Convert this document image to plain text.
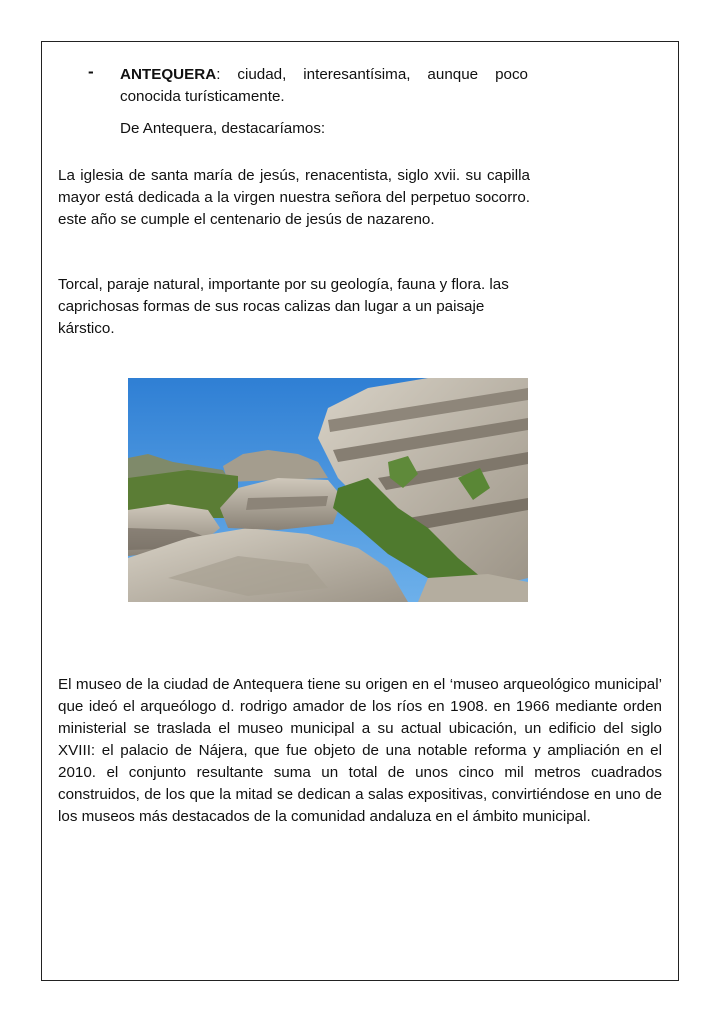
- ANTEQUERA: ciudad, interesantísima, aunque poco conocida turísticamente.

De Antequera, destacaríamos:

La iglesia de santa maría de jesús, renacentista, siglo xvii. su capilla mayor está dedicada a la virgen nuestra señora del perpetuo socorro. este año se cumple el centenario de jesús de nazareno.

Torcal, paraje natural, importante por su geología, fauna y flora. las caprichosas formas de sus rocas calizas dan lugar a un paisaje kárstico.

El museo de la ciudad de Antequera tiene su origen en el ‘museo arqueológico municipal’ que ideó el arqueólogo d. rodrigo amador de los ríos en 1908. en 1966 mediante orden ministerial se traslada el museo municipal a su actual ubicación, un edificio del siglo XVIII: el palacio de Nájera, que fue objeto de una notable reforma y ampliación en el 2010. el conjunto resultante suma un total de unos cinco mil metros cuadrados construidos, de los que la mitad se dedican a salas expositivas, convirtiéndose en uno de los museos más destacados de la comunidad andaluza en el ámbito municipal.
